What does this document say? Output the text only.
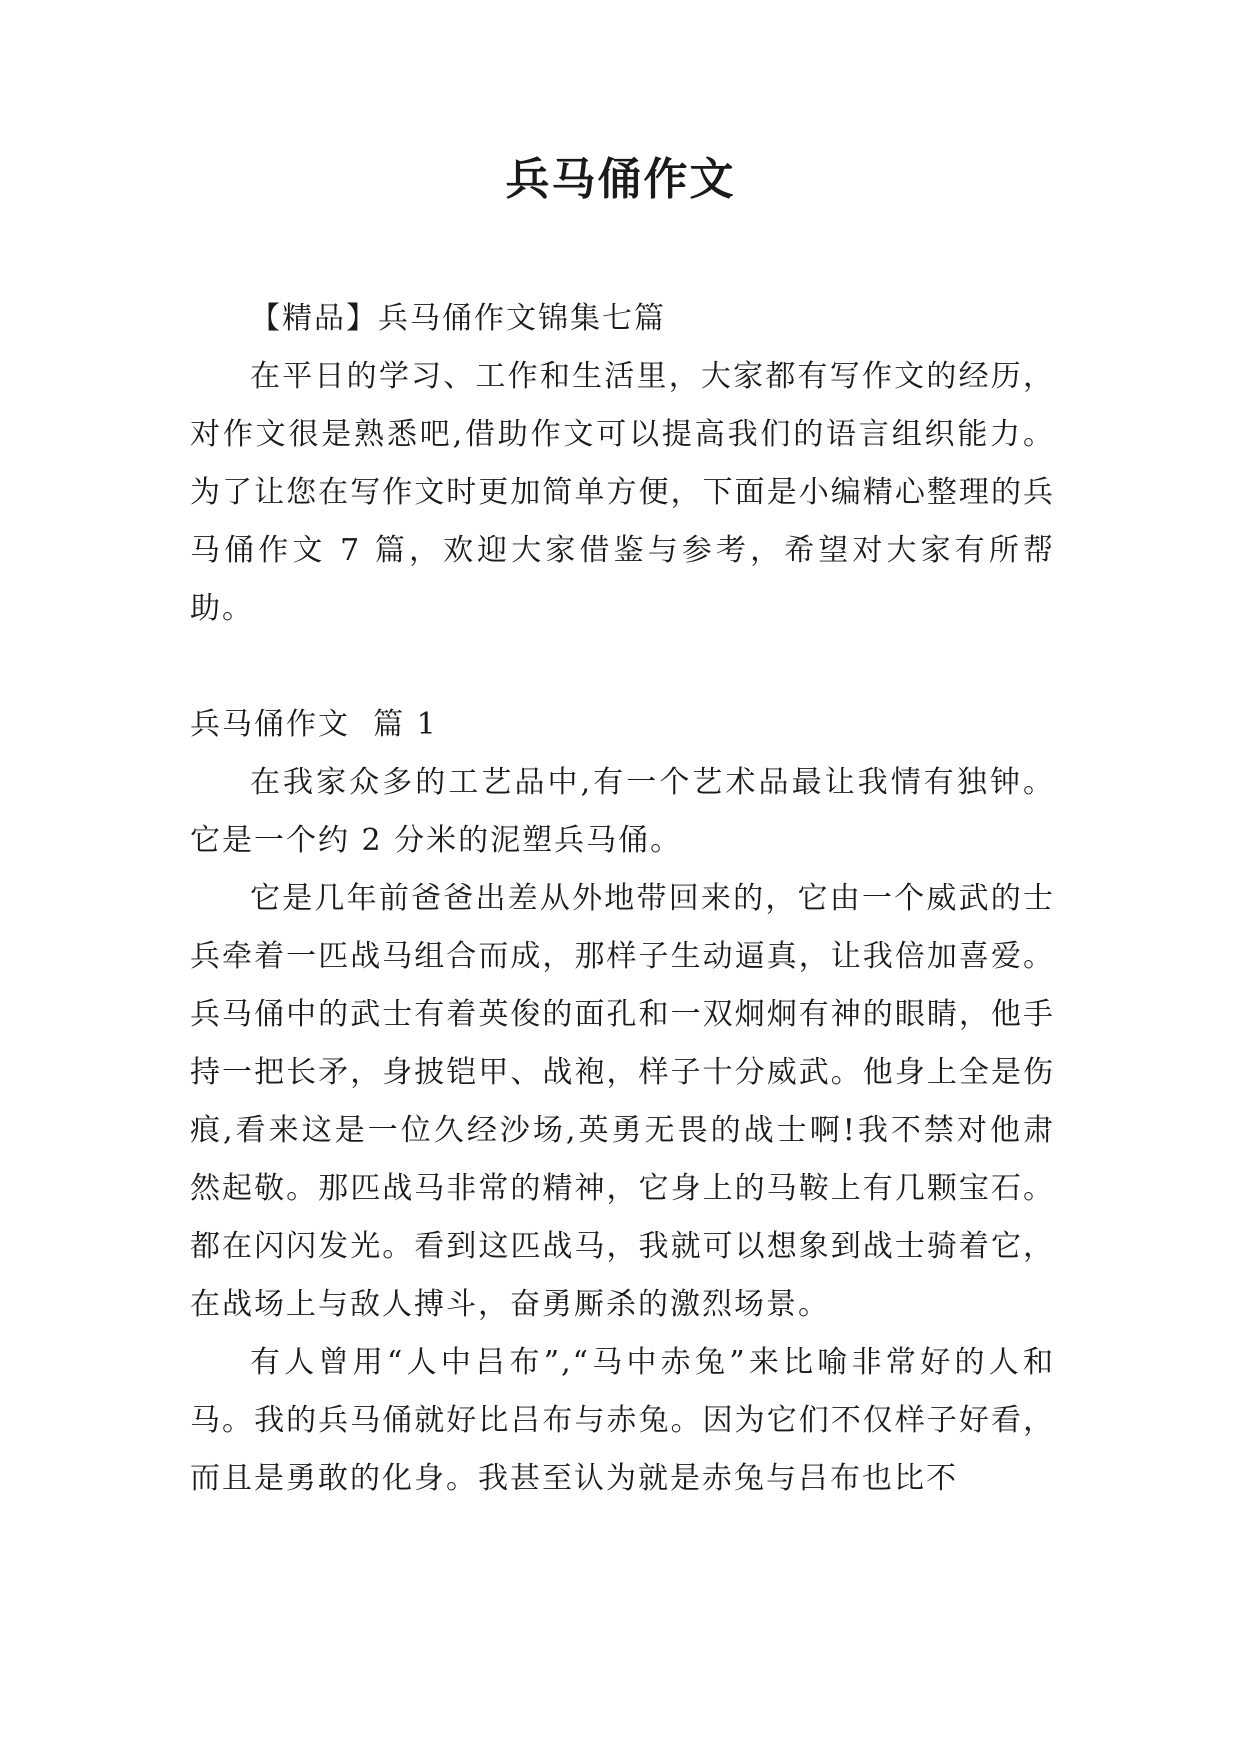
兵马俑作文

【精品】兵马俑作文锦集七篇

在平日的学习、工作和生活里，大家都有写作文的经历，对作文很是熟悉吧,借助作文可以提高我们的语言组织能力。为了让您在写作文时更加简单方便，下面是小编精心整理的兵马俑作文 7 篇，欢迎大家借鉴与参考，希望对大家有所帮助。

兵马俑作文  篇 1

在我家众多的工艺品中,有一个艺术品最让我情有独钟。它是一个约 2 分米的泥塑兵马俑。

它是几年前爸爸出差从外地带回来的，它由一个威武的士兵牵着一匹战马组合而成，那样子生动逼真，让我倍加喜爱。 兵马俑中的武士有着英俊的面孔和一双炯炯有神的眼睛，他手持一把长矛，身披铠甲、战袍，样子十分威武。他身上全是伤痕,看来这是一位久经沙场,英勇无畏的战士啊!我不禁对他肃然起敬。那匹战马非常的精神，它身上的马鞍上有几颗宝石。都在闪闪发光。看到这匹战马，我就可以想象到战士骑着它，在战场上与敌人搏斗，奋勇厮杀的激烈场景。

有人曾用“人中吕布”,“马中赤兔”来比喻非常好的人和马。我的兵马俑就好比吕布与赤兔。因为它们不仅样子好看，而且是勇敢的化身。我甚至认为就是赤兔与吕布也比不
